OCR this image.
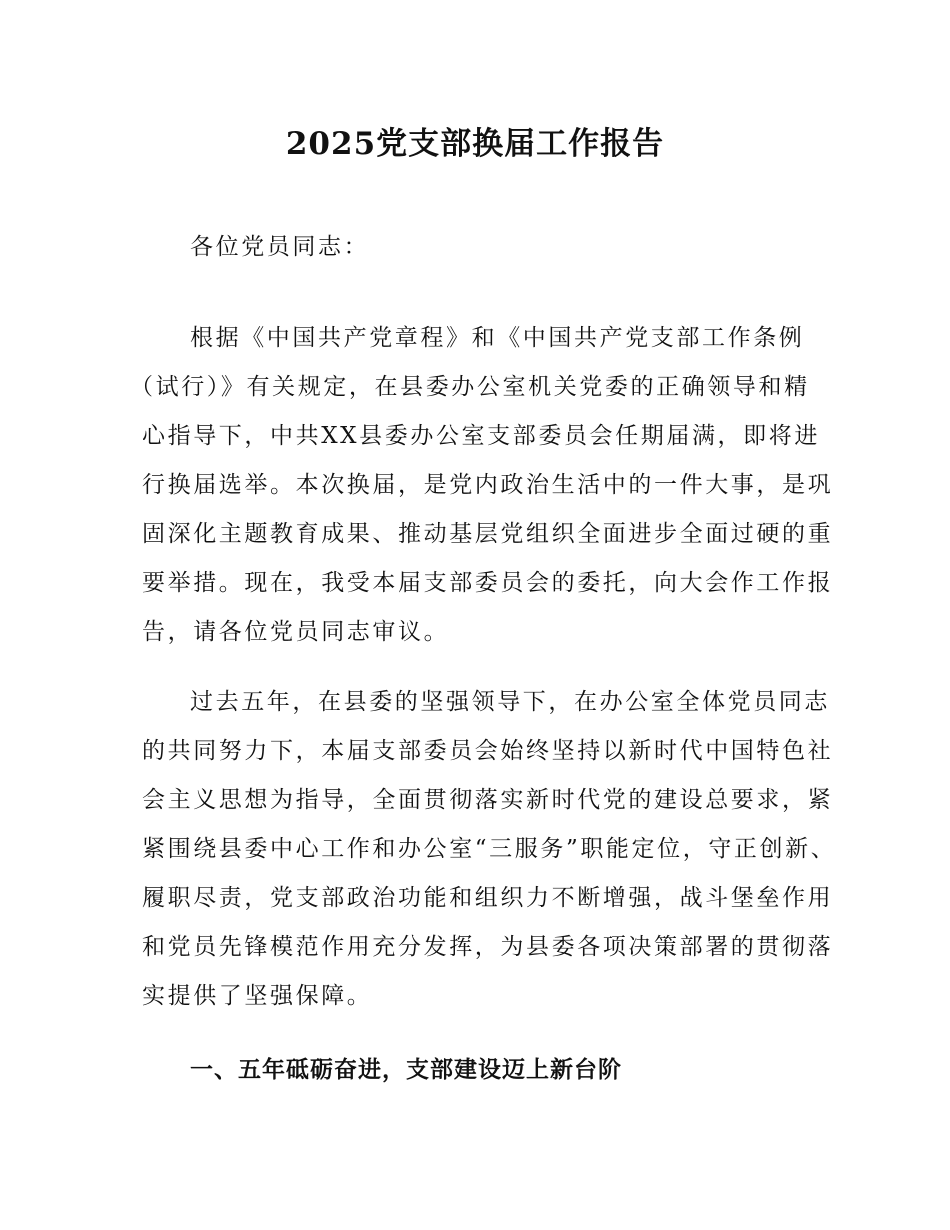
2025党支部换届工作报告
各位党员同志：
根据《中国共产党章程》和《中国共产党支部工作条例
（试行）》有关规定，在县委办公室机关党委的正确领导和精
心指导下，中共XX县委办公室支部委员会任期届满，即将进
行换届选举。本次换届，是党内政治生活中的一件大事，是巩
固深化主题教育成果、推动基层党组织全面进步全面过硬的重
要举措。现在，我受本届支部委员会的委托，向大会作工作报
告，请各位党员同志审议。
过去五年，在县委的坚强领导下，在办公室全体党员同志
的共同努力下，本届支部委员会始终坚持以新时代中国特色社
会主义思想为指导，全面贯彻落实新时代党的建设总要求，紧
紧围绕县委中心工作和办公室“三服务”职能定位，守正创新、
履职尽责，党支部政治功能和组织力不断增强，战斗堡垒作用
和党员先锋模范作用充分发挥，为县委各项决策部署的贯彻落
实提供了坚强保障。
一、五年砥砺奋进，支部建设迈上新台阶
